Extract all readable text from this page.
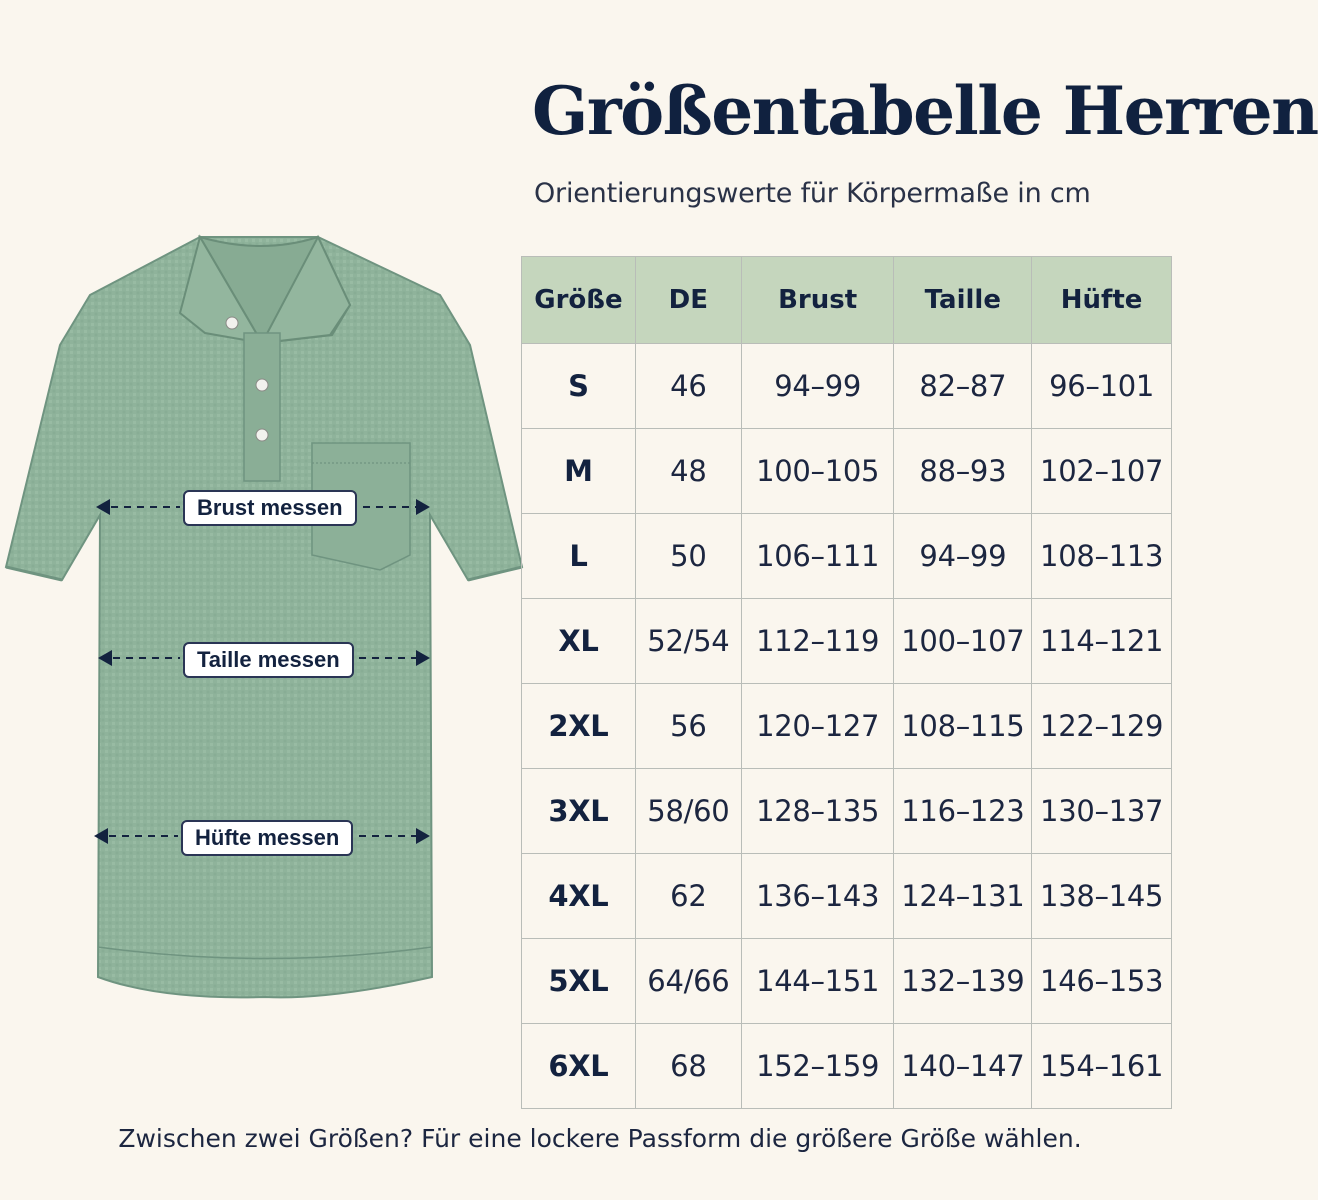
Größentabelle Herren
Orientierungswerte für Körpermaße in cm
Brust messen
Taille messen
Hüfte messen
Größe	DE	Brust	Taille	Hüfte
S	46	94–99	82–87	96–101
M	48	100–105	88–93	102–107
L	50	106–111	94–99	108–113
XL	52/54	112–119	100–107	114–121
2XL	56	120–127	108–115	122–129
3XL	58/60	128–135	116–123	130–137
4XL	62	136–143	124–131	138–145
5XL	64/66	144–151	132–139	146–153
6XL	68	152–159	140–147	154–161
Zwischen zwei Größen? Für eine lockere Passform die größere Größe wählen.
